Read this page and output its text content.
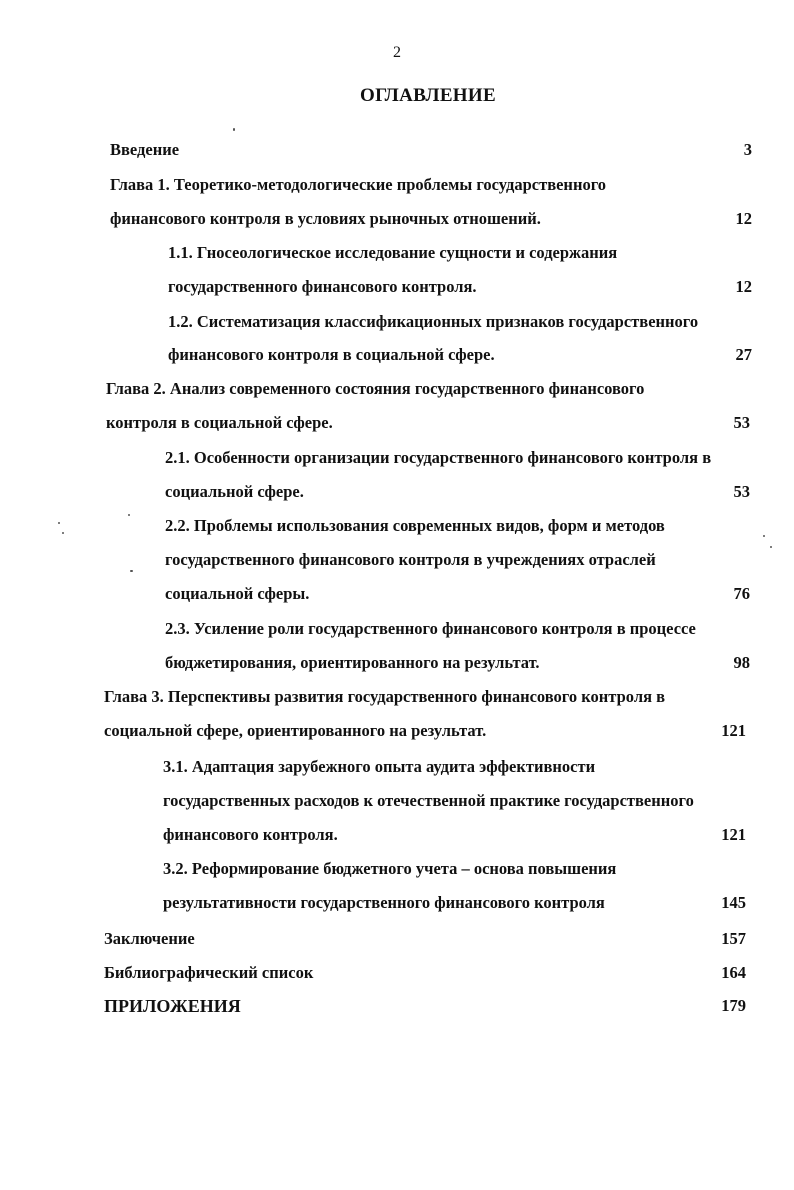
2
ОГЛАВЛЕНИЕ
Введение	3
Глава 1. Теоретико-методологические проблемы государственного
финансового контроля в условиях рыночных отношений.	12
1.1. Гносеологическое исследование сущности и содержания
государственного финансового контроля.	12
1.2. Систематизация классификационных признаков государственного
финансового контроля в социальной сфере.	27
Глава 2. Анализ современного состояния государственного финансового
контроля в социальной сфере.	53
2.1. Особенности организации государственного финансового контроля в
социальной сфере.	53
2.2. Проблемы использования современных видов, форм и методов
государственного финансового контроля в учреждениях отраслей
социальной сферы.	76
2.3. Усиление роли государственного финансового контроля в процессе
бюджетирования, ориентированного на результат.	98
Глава 3. Перспективы развития государственного финансового контроля в
социальной сфере, ориентированного на результат.	121
3.1. Адаптация зарубежного опыта аудита эффективности
государственных расходов к отечественной практике государственного
финансового контроля.	121
3.2. Реформирование бюджетного учета – основа повышения
результативности государственного финансового контроля	145
Заключение	157
Библиографический список	164
ПРИЛОЖЕНИЯ	179
